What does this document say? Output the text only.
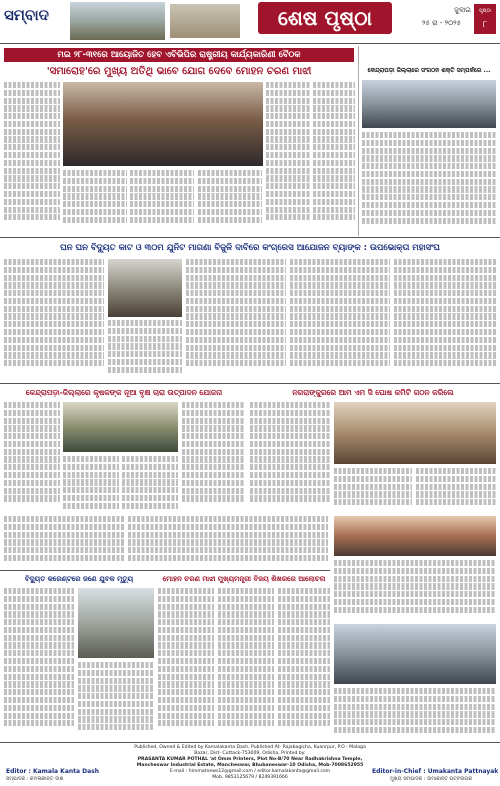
ସମ୍ବାଦ	ଶେଷ ପୃଷ୍ଠା	ଜୁଲାଇ
୨୫ ରା - ୨୦୨୫
ପୃଷ୍ଠା
୮
ମଇ ୨୮-୩୧ରେ ଆୟୋଜିତ ହେବ ଏବିଭିପିର ରାଷ୍ଟ୍ରୀୟ କାର୍ଯ୍ୟକାରିଣୀ ବୈଠକ
'ସମାରୋହ'ରେ ମୁଖ୍ୟ ଅତିଥି ଭାବେ ଯୋଗ ଦେବେ ମୋହନ ଚରଣ ମାଝୀ	କେନ୍ଦ୍ରାପଡ଼ା ଜିଲ୍ଲାରେ ସଂଗଠନ ଶକ୍ତି ସମ୍ପର୍କରେ ...
ଘନ ଘନ ବିଦ୍ୟୁତ କାଟ ଓ ୩୦ମ ଯୁନିଟ ମାଗଣା ବିଜୁଳି ଦାବିରେ କଂଗ୍ରେସ ଆଯୋଜନ ବ୍ୟାଙ୍କ : ଉପଭୋକ୍ତା ମହାସଂଘ
କେନ୍ଦ୍ରାପଡ଼ା-ଜିଲ୍ଲାରେ କୃଷକଙ୍କ ନୂଆ ବୃକ୍ଷ ଚାରା ଉତ୍ପାଦନ ଯୋଜନା	ନଗରାଙ୍କୁରରେ ଆମ ଏମ ସି ଘୋଷ କମିଟି ଗଠନ କରିଲେ
ବିଦ୍ୟୁତ କରେଣ୍ଟରେ ଜଣେ ଯୁବକ ମୃତ୍ୟୁ	ମୋହନ ଚରଣ ମାଝୀ ମୁଖ୍ୟମନ୍ତ୍ରୀ ବିଜୟ ଶିଖରରେ ଆଲୋଚନା
Published, Owned & Edited by Kamalakanta Dash, Published At- Rajabagicha, Kuanrpur, P.O.- Malaga Bazar, Dist- Cuttack-753009, Odisha, Printed by:
PRASANTA KUMAR POTHAL 'at Omm Printers, Plot No-B/70 Near Radhakrishna Temple, Mancheswar Industrial Estate, Mancheswar, Bhubaneswar-10 Odisha, Mob-7008652955
E-mail : himmatnews12@gmail.com / editor.kamalakanta@gmail.com
Mob. 9853125679 / 8249391666
Editor : Kamala Kanta Dash
ସମ୍ପାଦକ : କମଳାକାନ୍ତ ଦାଶ
Editor-in-Chief : Umakanta Pattnayak
ମୁଖ୍ୟ ସମ୍ପାଦକ : ଉମାକାନ୍ତ ପଟ୍ଟନାୟକ
